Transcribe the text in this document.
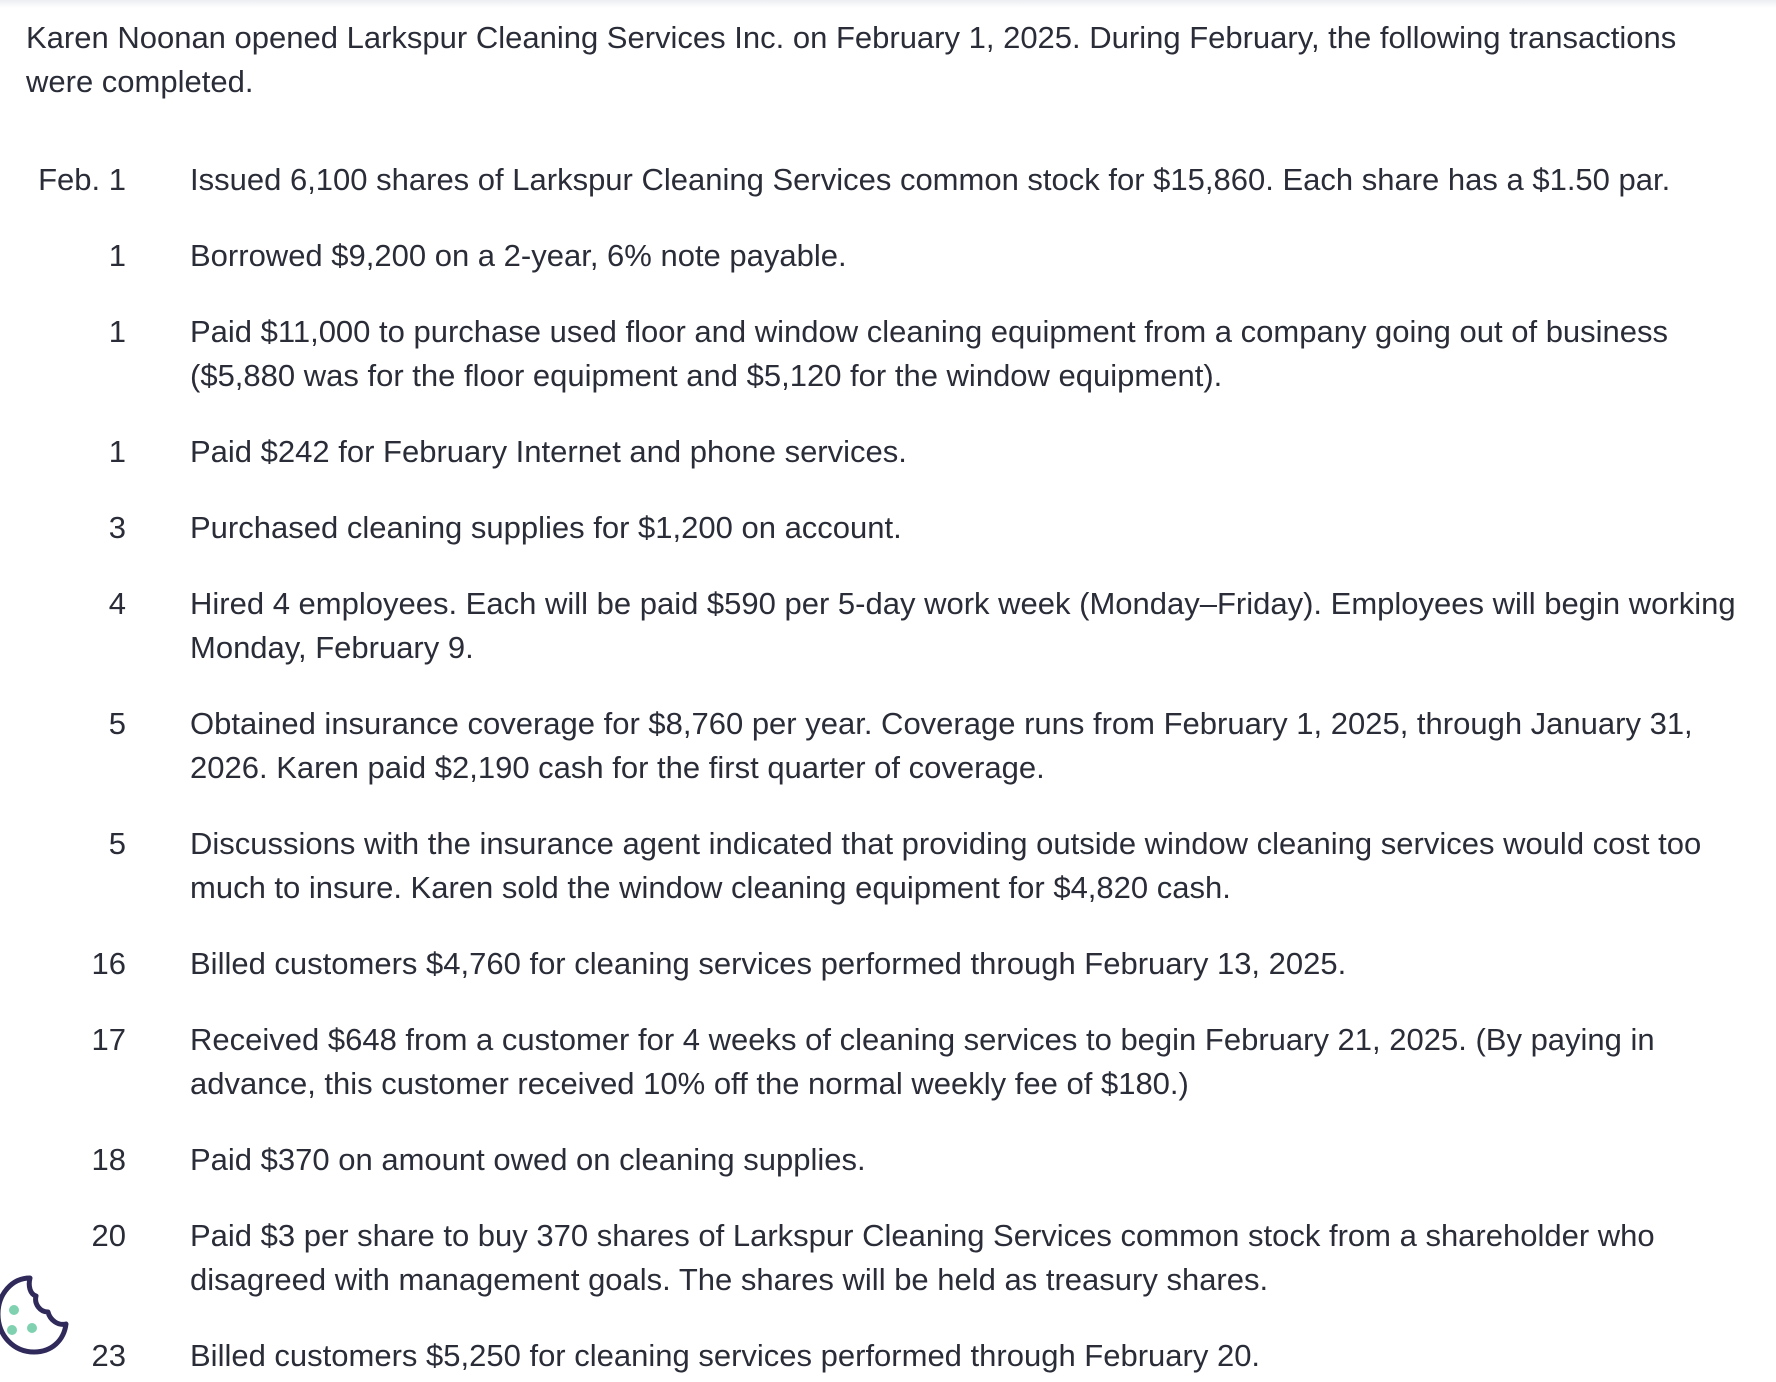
Karen Noonan opened Larkspur Cleaning Services Inc. on February 1, 2025. During February, the following transactions were completed.

Feb. 1 Issued 6,100 shares of Larkspur Cleaning Services common stock for $15,860. Each share has a $1.50 par.
1 Borrowed $9,200 on a 2-year, 6% note payable.
1 Paid $11,000 to purchase used floor and window cleaning equipment from a company going out of business ($5,880 was for the floor equipment and $5,120 for the window equipment).
1 Paid $242 for February Internet and phone services.
3 Purchased cleaning supplies for $1,200 on account.
4 Hired 4 employees. Each will be paid $590 per 5-day work week (Monday–Friday). Employees will begin working Monday, February 9.
5 Obtained insurance coverage for $8,760 per year. Coverage runs from February 1, 2025, through January 31, 2026. Karen paid $2,190 cash for the first quarter of coverage.
5 Discussions with the insurance agent indicated that providing outside window cleaning services would cost too much to insure. Karen sold the window cleaning equipment for $4,820 cash.
16 Billed customers $4,760 for cleaning services performed through February 13, 2025.
17 Received $648 from a customer for 4 weeks of cleaning services to begin February 21, 2025. (By paying in advance, this customer received 10% off the normal weekly fee of $180.)
18 Paid $370 on amount owed on cleaning supplies.
20 Paid $3 per share to buy 370 shares of Larkspur Cleaning Services common stock from a shareholder who disagreed with management goals. The shares will be held as treasury shares.
23 Billed customers $5,250 for cleaning services performed through February 20.
